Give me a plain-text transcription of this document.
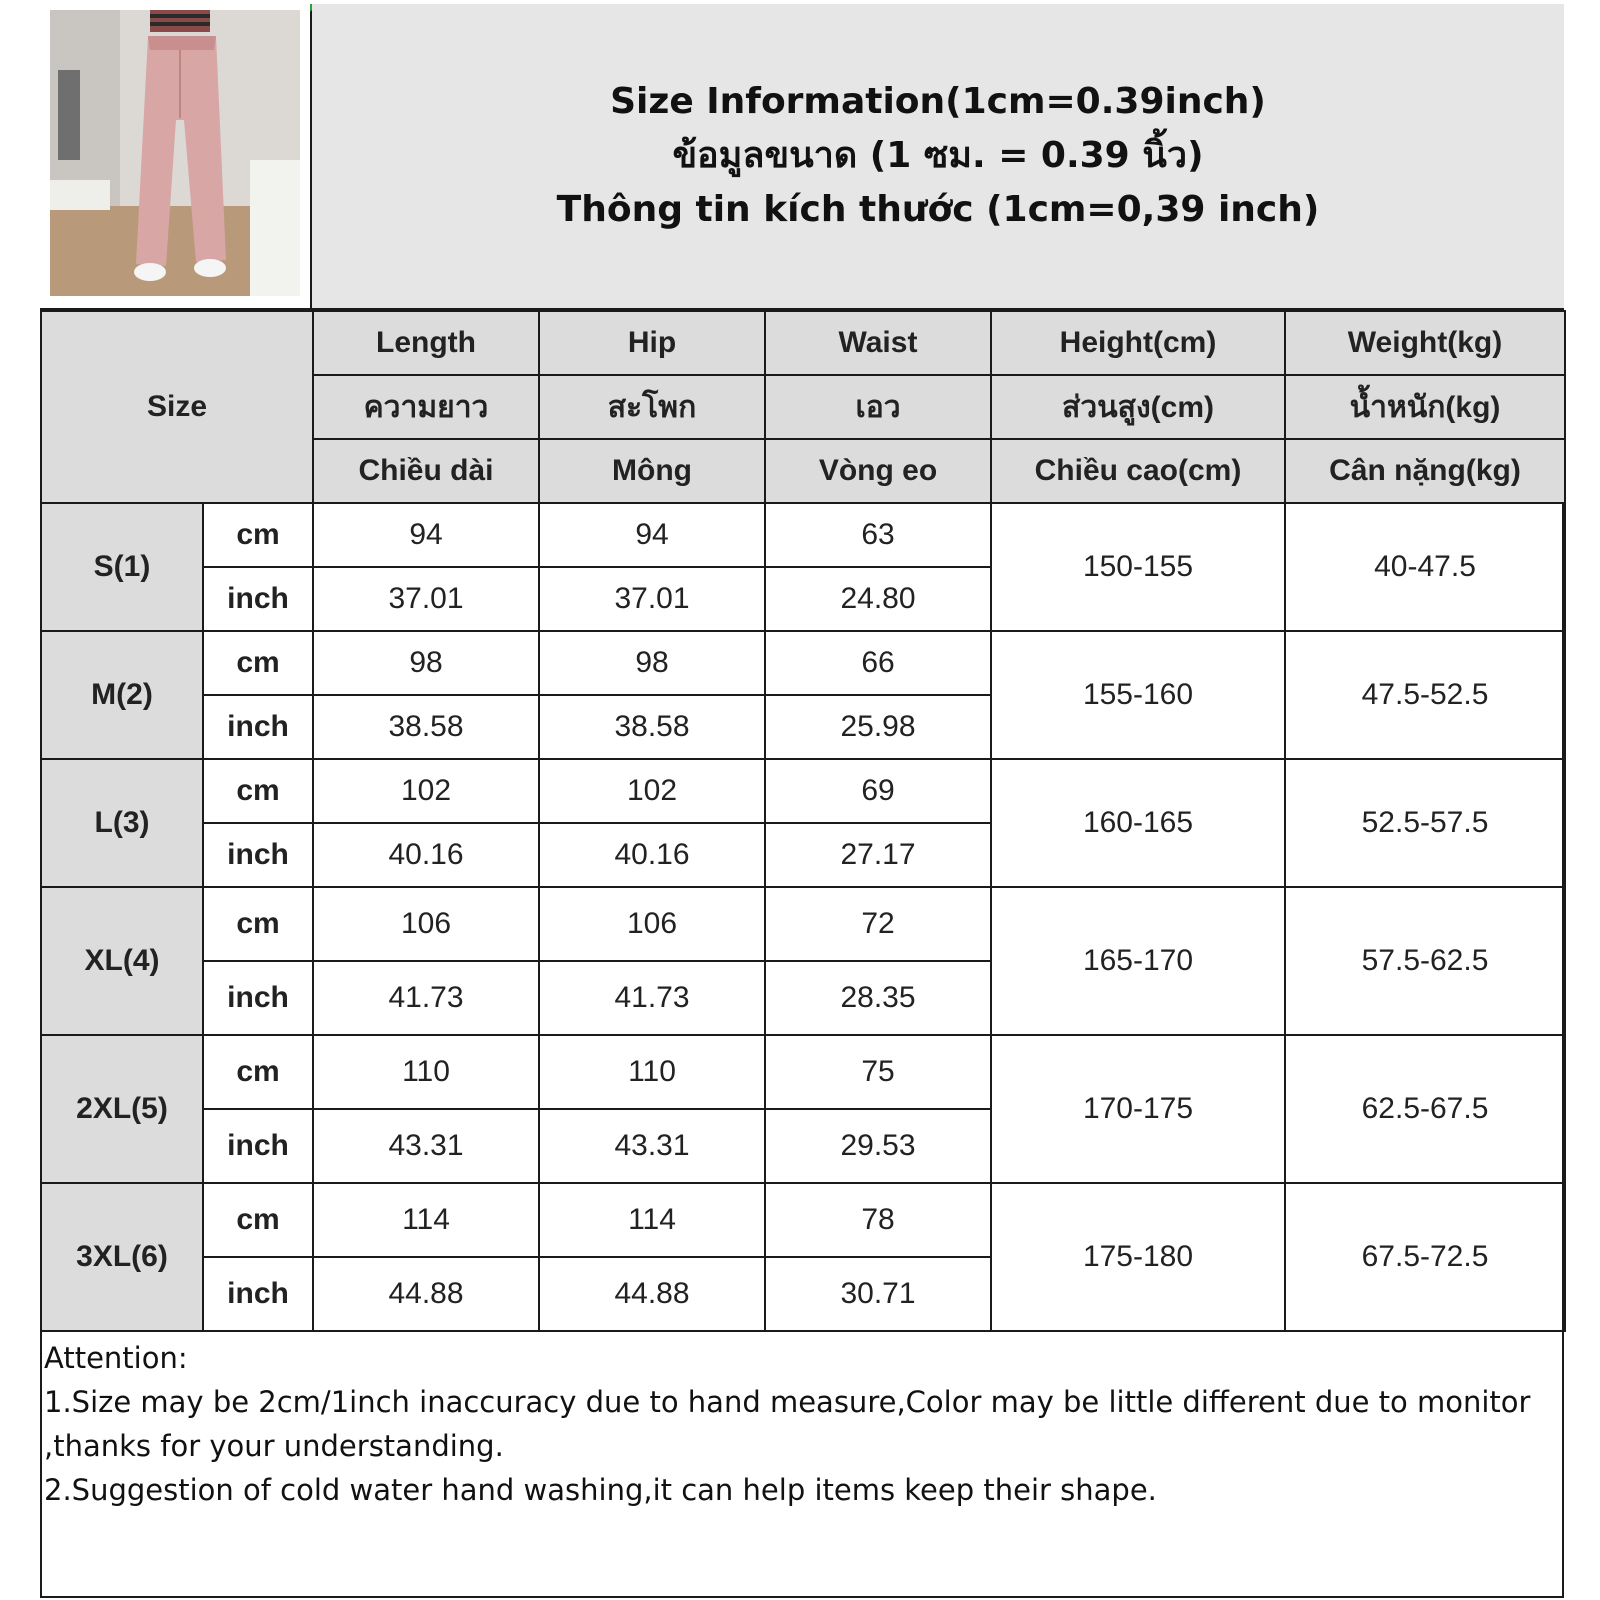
Size Information(1cm=0.39inch)
ข้อมูลขนาด (1 ซม. = 0.39 นิ้ว)
Thông tin kích thước (1cm=0,39 inch)
Size		Length	Hip	Waist	Height(cm)	Weight(kg)
		ความยาว	สะโพก	เอว	ส่วนสูง(cm)	น้ำหนัก(kg)
		Chiều dài	Mông	Vòng eo	Chiều cao(cm)	Cân nặng(kg)
S(1)	cm	94	94	63	150-155	40-47.5
	inch	37.01	37.01	24.80		
M(2)	cm	98	98	66	155-160	47.5-52.5
	inch	38.58	38.58	25.98		
L(3)	cm	102	102	69	160-165	52.5-57.5
	inch	40.16	40.16	27.17		
XL(4)	cm	106	106	72	165-170	57.5-62.5
	inch	41.73	41.73	28.35		
2XL(5)	cm	110	110	75	170-175	62.5-67.5
	inch	43.31	43.31	29.53		
3XL(6)	cm	114	114	78	175-180	67.5-72.5
	inch	44.88	44.88	30.71		
Attention:
1.Size may be 2cm/1inch inaccuracy due to hand measure,Color may be little different due to monitor
,thanks for your understanding.
2.Suggestion of cold water hand washing,it can help items keep their shape.
